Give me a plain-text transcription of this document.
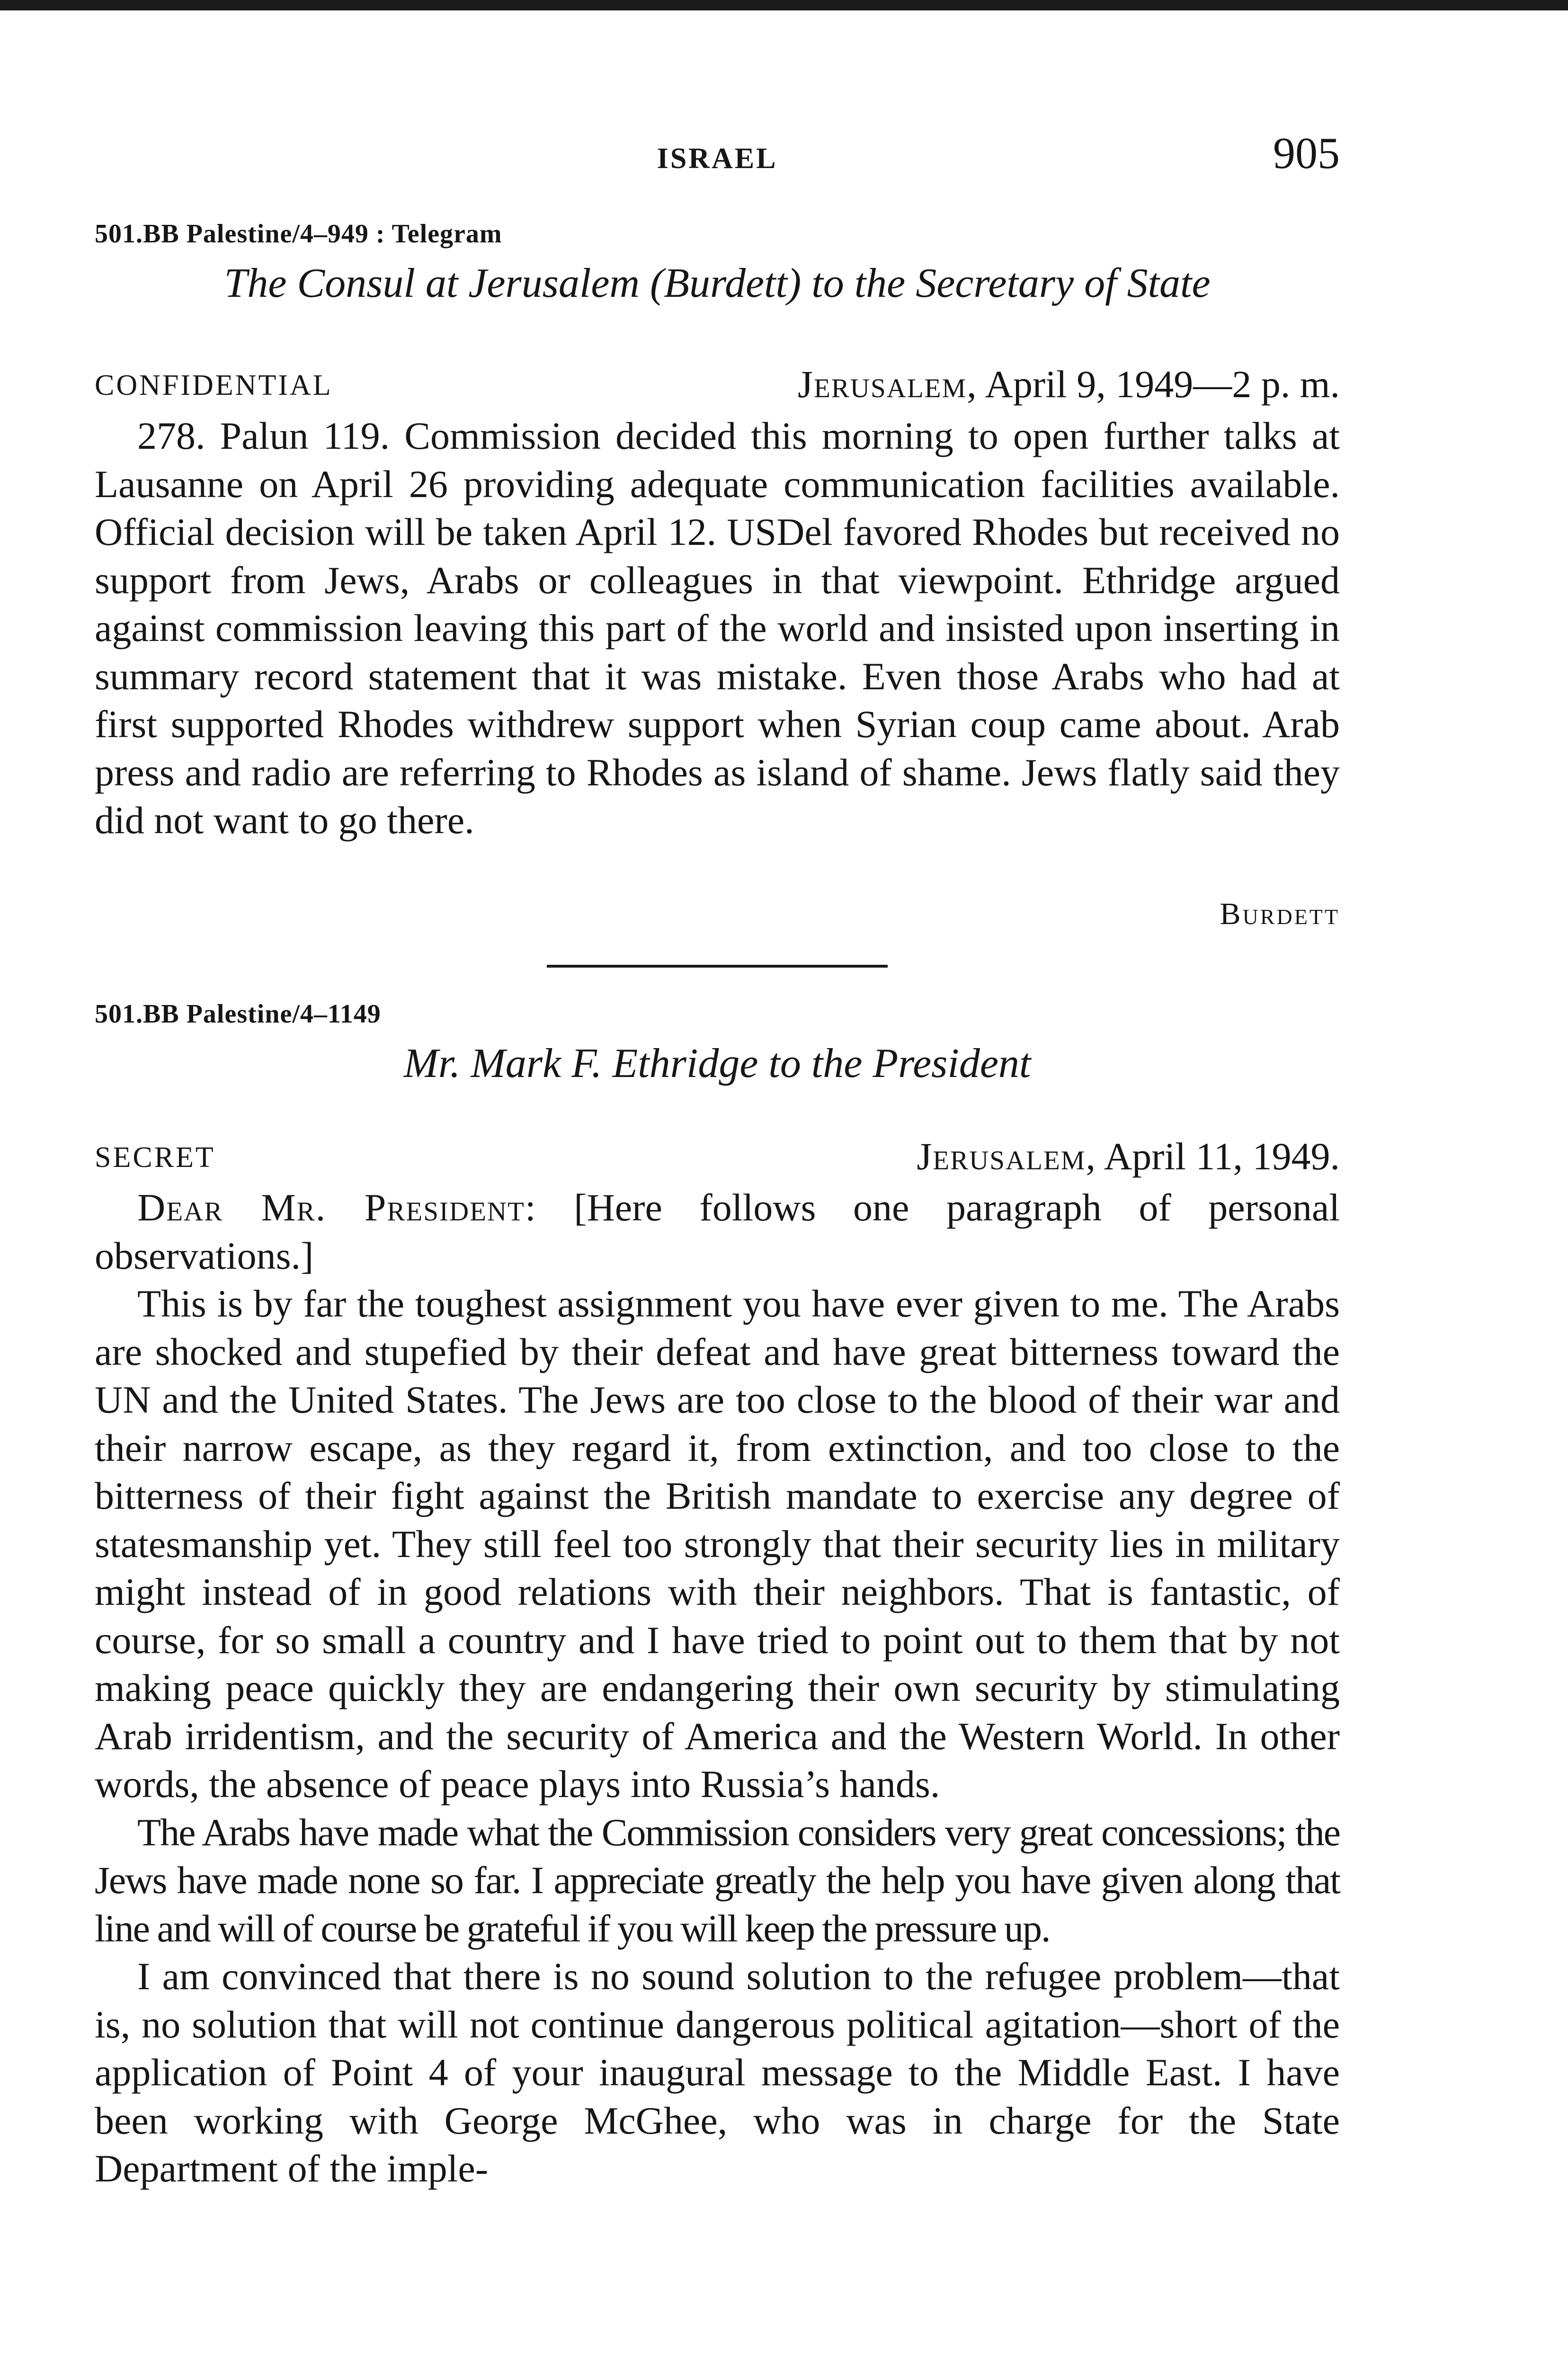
ISRAEL	905
501.BB Palestine/4–949 : Telegram
The Consul at Jerusalem (Burdett) to the Secretary of State
CONFIDENTIAL	Jerusalem, April 9, 1949—2 p. m.

278. Palun 119. Commission decided this morning to open further talks at Lausanne on April 26 providing adequate communication facilities available. Official decision will be taken April 12. USDel favored Rhodes but received no support from Jews, Arabs or colleagues in that viewpoint. Ethridge argued against commission leaving this part of the world and insisted upon inserting in summary record statement that it was mistake. Even those Arabs who had at first supported Rhodes withdrew support when Syrian coup came about. Arab press and radio are referring to Rhodes as island of shame. Jews flatly said they did not want to go there.

Burdett
501.BB Palestine/4–1149
Mr. Mark F. Ethridge to the President
SECRET	Jerusalem, April 11, 1949.

Dear Mr. President: [Here follows one paragraph of personal observations.]

This is by far the toughest assignment you have ever given to me. The Arabs are shocked and stupefied by their defeat and have great bitterness toward the UN and the United States. The Jews are too close to the blood of their war and their narrow escape, as they regard it, from extinction, and too close to the bitterness of their fight against the British mandate to exercise any degree of statesmanship yet. They still feel too strongly that their security lies in military might instead of in good relations with their neighbors. That is fantastic, of course, for so small a country and I have tried to point out to them that by not making peace quickly they are endangering their own security by stimulating Arab irridentism, and the security of America and the Western World. In other words, the absence of peace plays into Russia’s hands.

The Arabs have made what the Commission considers very great concessions; the Jews have made none so far. I appreciate greatly the help you have given along that line and will of course be grateful if you will keep the pressure up.

I am convinced that there is no sound solution to the refugee problem—that is, no solution that will not continue dangerous political agitation—short of the application of Point 4 of your inaugural message to the Middle East. I have been working with George McGhee, who was in charge for the State Department of the imple-
